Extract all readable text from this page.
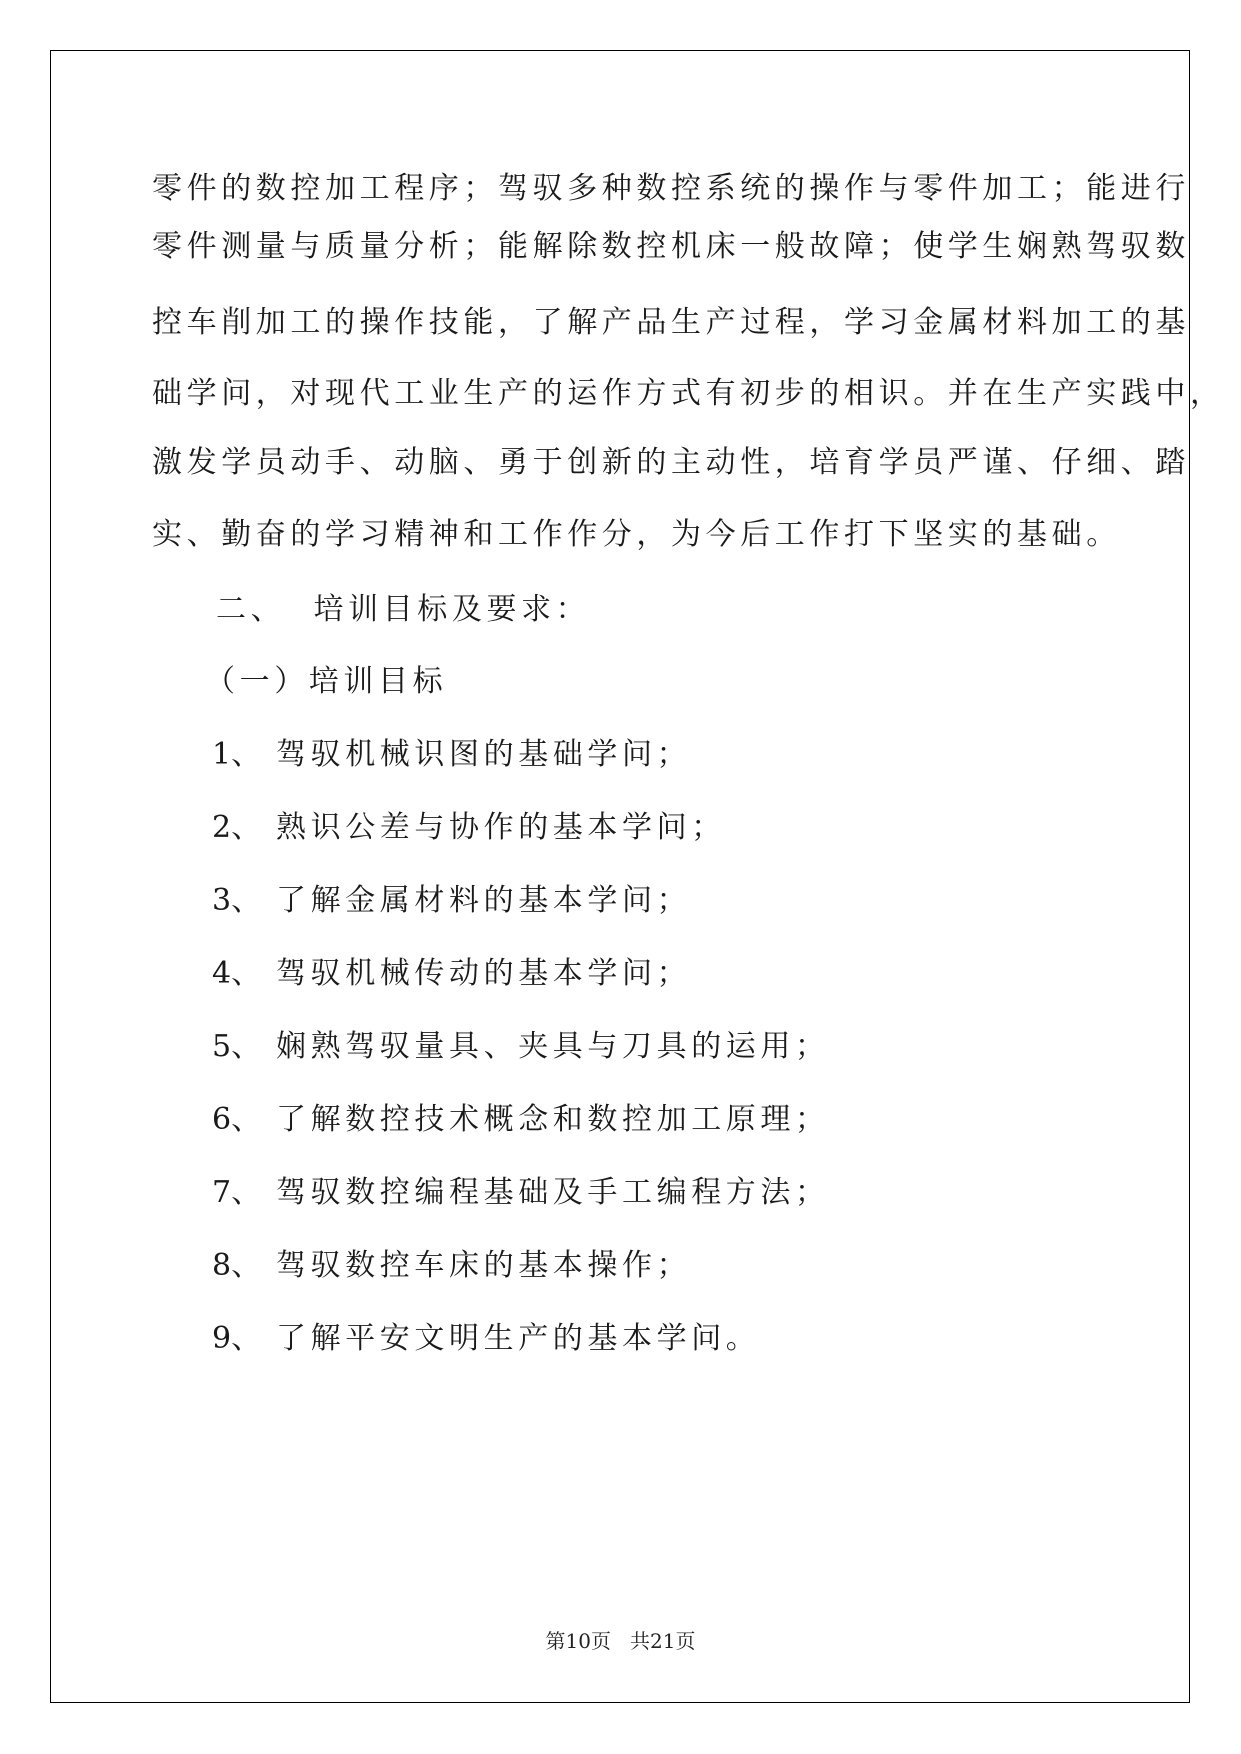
零件的数控加工程序；驾驭多种数控系统的操作与零件加工；能进行

零件测量与质量分析；能解除数控机床一般故障；使学生娴熟驾驭数

控车削加工的操作技能，了解产品生产过程，学习金属材料加工的基

础学问，对现代工业生产的运作方式有初步的相识。并在生产实践中，

激发学员动手、动脑、勇于创新的主动性，培育学员严谨、仔细、踏

实、勤奋的学习精神和工作作分，为今后工作打下坚实的基础。

二、  培训目标及要求：

（一）培训目标

1、 驾驭机械识图的基础学问；

2、 熟识公差与协作的基本学问；

3、 了解金属材料的基本学问；

4、 驾驭机械传动的基本学问；

5、 娴熟驾驭量具、夹具与刀具的运用；

6、 了解数控技术概念和数控加工原理；

7、 驾驭数控编程基础及手工编程方法；

8、 驾驭数控车床的基本操作；

9、 了解平安文明生产的基本学问。

第10页 共21页
